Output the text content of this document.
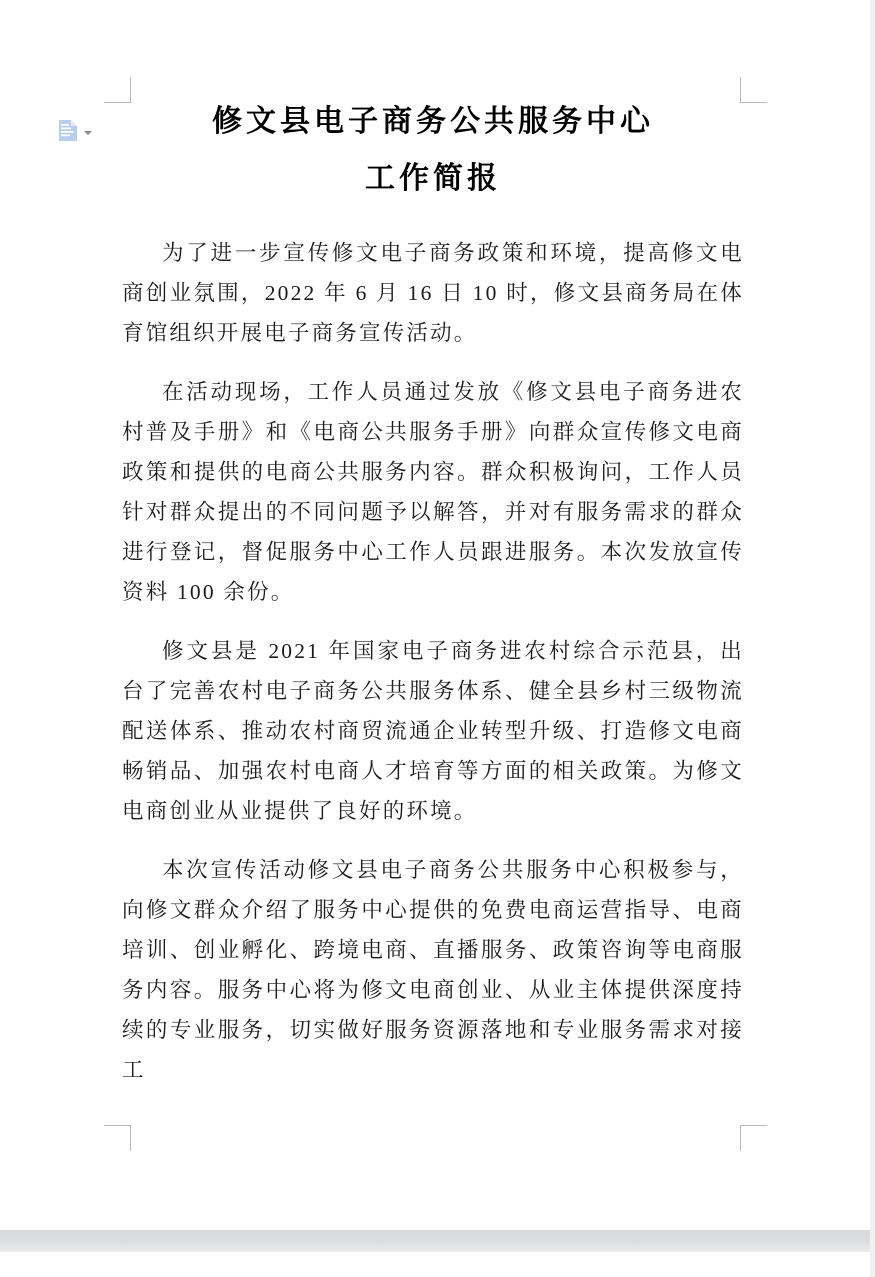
修文县电子商务公共服务中心
工作简报

为了进一步宣传修文电子商务政策和环境，提高修文电商创业氛围，2022 年 6 月 16 日 10 时，修文县商务局在体育馆组织开展电子商务宣传活动。

在活动现场，工作人员通过发放《修文县电子商务进农村普及手册》和《电商公共服务手册》向群众宣传修文电商政策和提供的电商公共服务内容。群众积极询问，工作人员针对群众提出的不同问题予以解答，并对有服务需求的群众进行登记，督促服务中心工作人员跟进服务。本次发放宣传资料 100 余份。

修文县是 2021 年国家电子商务进农村综合示范县，出台了完善农村电子商务公共服务体系、健全县乡村三级物流配送体系、推动农村商贸流通企业转型升级、打造修文电商畅销品、加强农村电商人才培育等方面的相关政策。为修文电商创业从业提供了良好的环境。

本次宣传活动修文县电子商务公共服务中心积极参与，向修文群众介绍了服务中心提供的免费电商运营指导、电商培训、创业孵化、跨境电商、直播服务、政策咨询等电商服务内容。服务中心将为修文电商创业、从业主体提供深度持续的专业服务，切实做好服务资源落地和专业服务需求对接工
